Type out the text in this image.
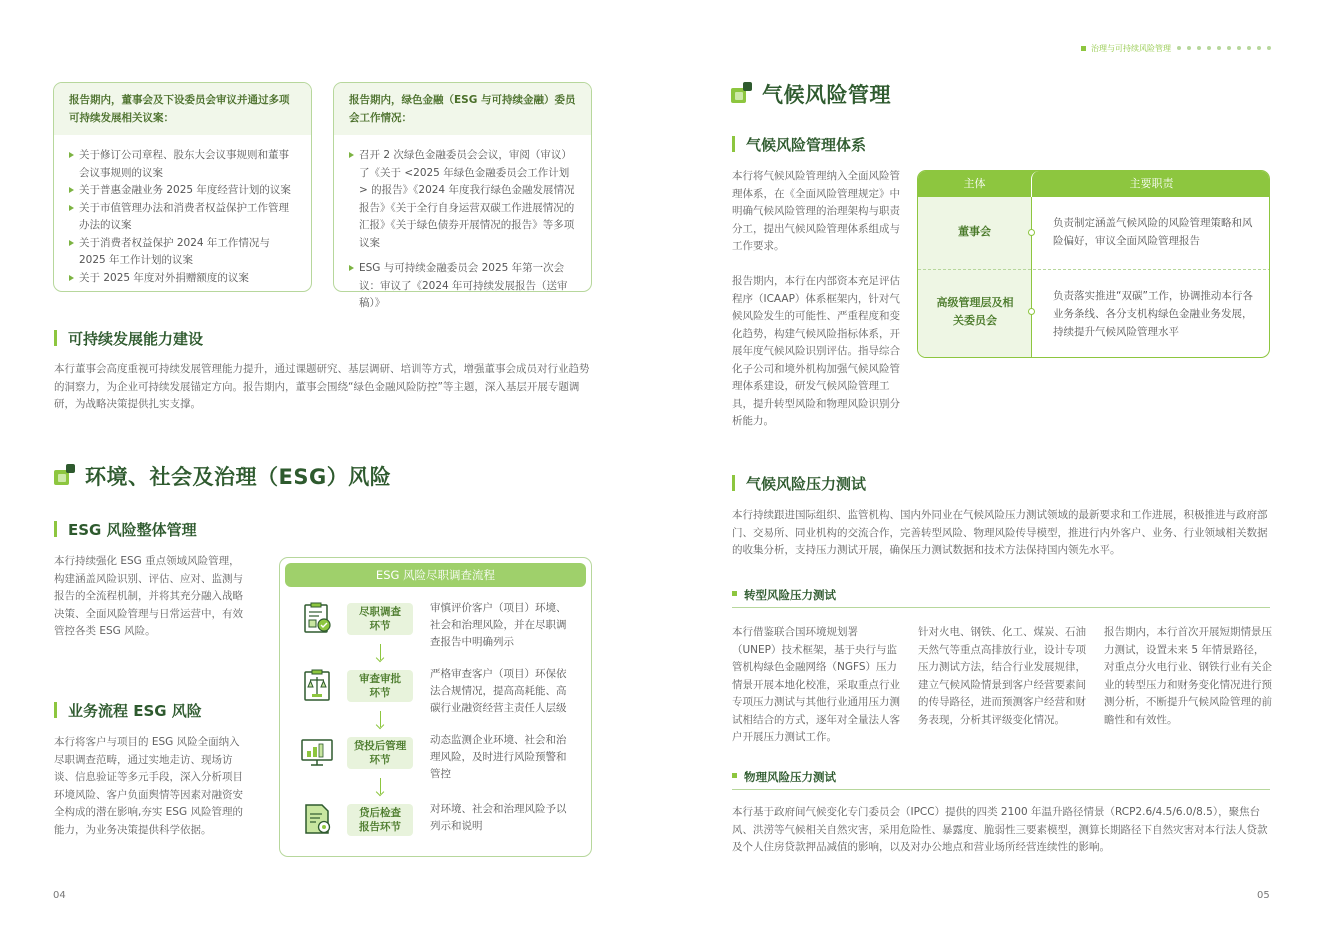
治理与可持续风险管理
报告期内，董事会及下设委员会审议并通过多项可持续发展相关议案：
关于修订公司章程、股东大会议事规则和董事会议事规则的议案
关于普惠金融业务 2025 年度经营计划的议案
关于市值管理办法和消费者权益保护工作管理办法的议案
关于消费者权益保护 2024 年工作情况与 2025 年工作计划的议案
关于 2025 年度对外捐赠额度的议案
报告期内，绿色金融（ESG 与可持续金融）委员会工作情况：
召开 2 次绿色金融委员会会议，审阅（审议）了《关于 <2025 年绿色金融委员会工作计划 > 的报告》《2024 年度我行绿色金融发展情况报告》《关于全行自身运营双碳工作进展情况的汇报》《关于绿色债券开展情况的报告》等多项议案
ESG 与可持续金融委员会 2025 年第一次会议：审议了《2024 年可持续发展报告（送审稿）》
可持续发展能力建设
本行董事会高度重视可持续发展管理能力提升，通过课题研究、基层调研、培训等方式，增强董事会成员对行业趋势的洞察力，为企业可持续发展锚定方向。报告期内，董事会围绕“绿色金融风险防控”等主题，深入基层开展专题调研，为战略决策提供扎实支撑。
环境、社会及治理（ESG）风险
ESG 风险整体管理
本行持续强化 ESG 重点领域风险管理，构建涵盖风险识别、评估、应对、监测与报告的全流程机制，并将其充分融入战略决策、全面风险管理与日常运营中，有效管控各类 ESG 风险。
业务流程 ESG 风险
本行将客户与项目的 ESG 风险全面纳入尽职调查范畴，通过实地走访、现场访谈、信息验证等多元手段，深入分析项目环境风险、客户负面舆情等因素对融资安全构成的潜在影响,夯实 ESG 风险管理的能力，为业务决策提供科学依据。
ESG 风险尽职调查流程
尽职调查
环节
审慎评价客户（项目）环境、社会和治理风险，并在尽职调查报告中明确列示
审查审批
环节
严格审查客户（项目）环保依法合规情况，提高高耗能、高碳行业融资经营主责任人层级
贷投后管理
环节
动态监测企业环境、社会和治理风险，及时进行风险预警和管控
贷后检查
报告环节
对环境、社会和治理风险予以列示和说明
04
气候风险管理
气候风险管理体系
本行将气候风险管理纳入全面风险管理体系，在《全面风险管理规定》中明确气候风险管理的治理架构与职责分工，提出气候风险管理体系组成与工作要求。
报告期内，本行在内部资本充足评估程序（ICAAP）体系框架内，针对气候风险发生的可能性、严重程度和变化趋势，构建气候风险指标体系，开展年度气候风险识别评估。指导综合化子公司和境外机构加强气候风险管理体系建设，研发气候风险管理工具，提升转型风险和物理风险识别分析能力。
主体	主要职责
董事会
负责制定涵盖气候风险的风险管理策略和风险偏好，审议全面风险管理报告
高级管理层及相关委员会
负责落实推进“双碳”工作，协调推动本行各业务条线、各分支机构绿色金融业务发展，持续提升气候风险管理水平
气候风险压力测试
本行持续跟进国际组织、监管机构、国内外同业在气候风险压力测试领域的最新要求和工作进展，积极推进与政府部门、交易所、同业机构的交流合作，完善转型风险、物理风险传导模型，推进行内外客户、业务、行业领域相关数据的收集分析，支持压力测试开展，确保压力测试数据和技术方法保持国内领先水平。
转型风险压力测试
本行借鉴联合国环境规划署（UNEP）技术框架，基于央行与监管机构绿色金融网络（NGFS）压力情景开展本地化校准，采取重点行业专项压力测试与其他行业通用压力测试相结合的方式，逐年对全量法人客户开展压力测试工作。
针对火电、钢铁、化工、煤炭、石油天然气等重点高排放行业，设计专项压力测试方法，结合行业发展规律，建立气候风险情景到客户经营要素间的传导路径，进而预测客户经营和财务表现，分析其评级变化情况。
报告期内，本行首次开展短期情景压力测试，设置未来 5 年情景路径，对重点分火电行业、钢铁行业有关企业的转型压力和财务变化情况进行预测分析，不断提升气候风险管理的前瞻性和有效性。
物理风险压力测试
本行基于政府间气候变化专门委员会（IPCC）提供的四类 2100 年温升路径情景（RCP2.6/4.5/6.0/8.5），聚焦台风、洪涝等气候相关自然灾害，采用危险性、暴露度、脆弱性三要素模型，测算长期路径下自然灾害对本行法人贷款及个人住房贷款押品减值的影响，以及对办公地点和营业场所经营连续性的影响。
05
